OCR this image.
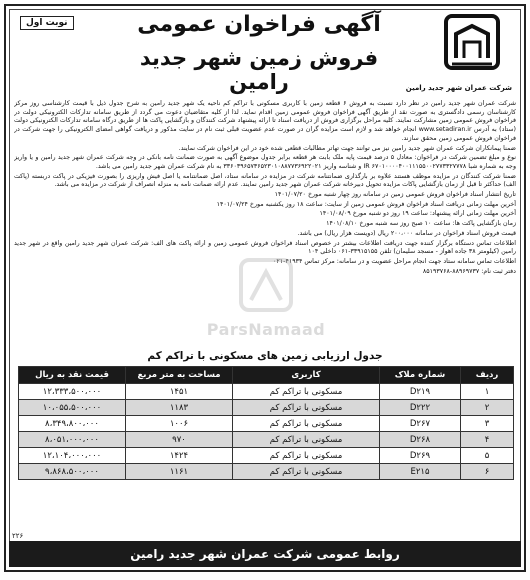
شرکت عمران شهر جدید رامین
آگهی فراخوان عمومی
فروش زمین شهر جدید رامین
نوبت اول

شرکت عمران شهر جدید رامین در نظر دارد نسبت به فروش ۶ قطعه زمین با کاربری مسکونی با تراکم کم ناحیه یک شهر جدید رامین به شرح جدول ذیل با قیمت کارشناسی روز مرکز کارشناسان رسمی دادگستری به صورت نقد از طریق آگهی فراخوان فروش عمومی زمین اقدام نماید. لذا از کلیه متقاضیان دعوت می گردد از طریق سامانه تدارکات الکترونیکی دولت در فراخوان فروش عمومی زمین مشارکت نمایند. کلیه مراحل برگزاری فروش از دریافت اسناد تا ارائه پیشنهاد شرکت کنندگان و بازگشایی پاکت ها از طریق درگاه سامانه تدارکات الکترونیکی دولت (ستاد) به آدرس www.setadiran.ir انجام خواهد شد و لازم است مزایده گران در صورت عدم عضویت قبلی ثبت نام در سایت مذکور و دریافت گواهی امضای الکترونیکی را جهت شرکت در فراخوان فروش عمومی زمین محقق سازند.

ضمنا پیمانکاران شرکت عمران شهر جدید رامین نیز می توانند جهت تهاتر مطالبات قطعی شده خود در این فراخوان شرکت نمایند.

نوع و مبلغ تضمین شرکت در فراخوان: معادل ۵ درصد قیمت پایه ملک بابت هر قطعه برابر جدول موضوع آگهی به صورت ضمانت نامه بانکی در وجه شرکت عمران شهر جدید رامین و یا واریز وجه به شماره شبا IR ۶۷۰۱۰۰۰۰۴۰۰۱۱۱۵۵۰۰۲۷۷۳۳۲۷۷۷۸ و شناسه واریز ۳۳۶۰۳۹۶۵۷۳۶۵۲۳۰۱۰۸۸۷۷۳۶۹۲۲۰۲۱ به نام شرکت عمران شهر جدید رامین می باشد.

ضمنا شرکت کنندگان در مزایده موظف هستند علاوه بر بارگذاری ضمانتنامه شرکت در مزایده در سامانه ستاد، اصل ضمانتنامه یا اصل فیش واریزی را بصورت فیزیکی در پاکت دربسته (پاکت الف) حداکثر تا قبل از زمان بازگشایی پاکات مزایده تحویل دبیرخانه شرکت عمران شهر جدید رامین نمایند. عدم ارائه ضمانت نامه به منزله انصراف از شرکت در مزایده می باشد.

تاریخ انتشار اسناد فراخوان فروش عمومی زمین در سامانه روز چهار شنبه مورخ ۱۴۰۱/۰۷/۲۰

آخرین مهلت زمانی دریافت اسناد فراخوان فروش عمومی زمین از سایت: ساعت ۱۸ روز یکشنبه مورخ ۱۴۰۱/۰۷/۲۴

آخرین مهلت زمانی ارائه پیشنهاد: ساعت ۱۹ روز دو شنبه مورخ ۱۴۰۱/۰۸/۰۹

زمان بازگشایی پاکت ها: ساعت ۱۰ صبح روز سه شنبه مورخ ۱۴۰۱/۰۸/۱۰

قیمت فروش اسناد فراخوان در سامانه ۲۰۰،۰۰۰ ریال (دویست هزار ریال) می باشد.

اطلاعات تماس دستگاه برگزار کننده جهت دریافت اطلاعات بیشتر در خصوص اسناد فراخوان فروش عمومی زمین و ارائه پاکت های الف: شرکت عمران شهر جدید رامین واقع در شهر جدید رامین (کیلومتر ۳۸ جاده اهواز - مسجد سلیمان) تلفن ۳۳۹۱۵۱۵۵-۰۶۱ داخلی ۱۰۴

اطلاعات تماس سامانه ستاد جهت انجام مراحل عضویت و در سامانه: مرکز تماس ۴۱۹۳۴-۰۲۱

دفتر ثبت نام: ۸۸۹۶۹۷۳۷-۸۵۱۹۳۷۶۸

ParsNamaad
جدول ارزیابی زمین های مسکونی با تراکم کم
ردیف	شماره ملاک	کاربری	مساحت به متر مربع	قیمت نقد به ریال
۱	D۲۱۹	مسکونی با تراکم کم	۱۴۵۱	۱۲،۳۳۳،۵۰۰،۰۰۰
۲	D۲۲۲	مسکونی با تراکم کم	۱۱۸۳	۱۰،۰۵۵،۵۰۰،۰۰۰
۳	D۲۶۷	مسکونی با تراکم کم	۱۰۰۶	۸،۳۴۹،۸۰۰،۰۰۰
۴	D۲۶۸	مسکونی با تراکم کم	۹۷۰	۸،۰۵۱،۰۰۰،۰۰۰
۵	D۲۶۹	مسکونی با تراکم کم	۱۴۲۴	۱۲،۱۰۴،۰۰۰،۰۰۰
۶	E۲۱۵	مسکونی با تراکم کم	۱۱۶۱	۹،۸۶۸،۵۰۰،۰۰۰
۲۲۶
روابط عمومی شرکت عمران شهر جدید رامین
